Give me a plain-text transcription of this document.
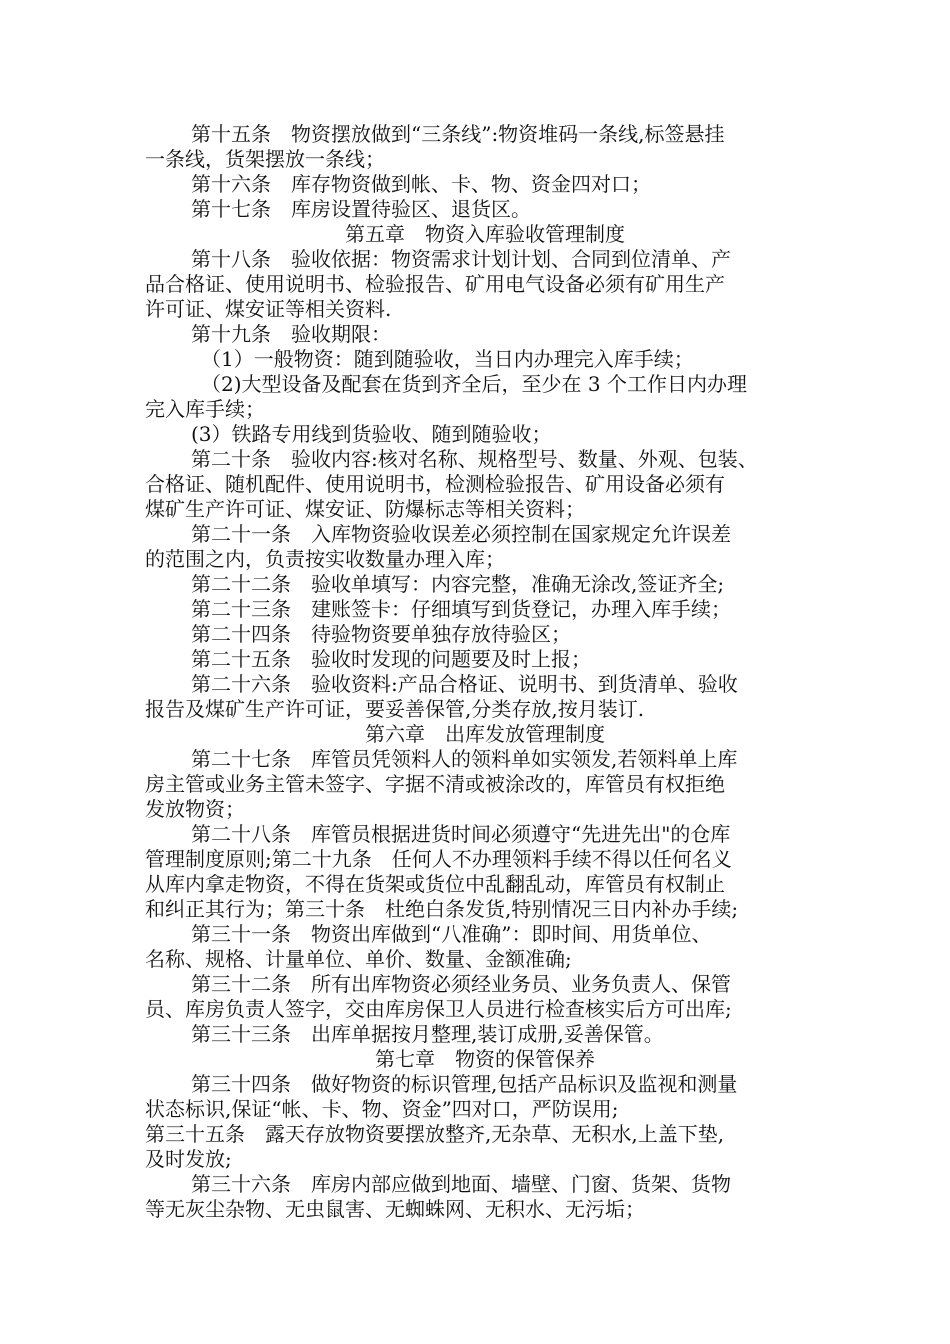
第十五条　物资摆放做到“三条线”:物资堆码一条线,标签悬挂
一条线，货架摆放一条线；
第十六条　库存物资做到帐、卡、物、资金四对口；
第十七条　库房设置待验区、退货区。
第五章　物资入库验收管理制度
第十八条　验收依据：物资需求计划计划、合同到位清单、产
品合格证、使用说明书、检验报告、矿用电气设备必须有矿用生产
许可证、煤安证等相关资料.
第十九条　验收期限：
（1）一般物资：随到随验收，当日内办理完入库手续；
（2)大型设备及配套在货到齐全后，至少在 3 个工作日内办理
完入库手续；
(3）铁路专用线到货验收、随到随验收；
第二十条　验收内容:核对名称、规格型号、数量、外观、包装、
合格证、随机配件、使用说明书，检测检验报告、矿用设备必须有
煤矿生产许可证、煤安证、防爆标志等相关资料；
第二十一条　入库物资验收误差必须控制在国家规定允许误差
的范围之内，负责按实收数量办理入库；
第二十二条　验收单填写：内容完整，准确无涂改,签证齐全;
第二十三条　建账签卡：仔细填写到货登记，办理入库手续；
第二十四条　待验物资要单独存放待验区；
第二十五条　验收时发现的问题要及时上报；
第二十六条　验收资料:产品合格证、说明书、到货清单、验收
报告及煤矿生产许可证，要妥善保管,分类存放,按月装订.
第六章　出库发放管理制度
第二十七条　库管员凭领料人的领料单如实领发,若领料单上库
房主管或业务主管未签字、字据不清或被涂改的，库管员有权拒绝
发放物资；
第二十八条　库管员根据进货时间必须遵守“先进先出"的仓库
管理制度原则;第二十九条　任何人不办理领料手续不得以任何名义
从库内拿走物资，不得在货架或货位中乱翻乱动，库管员有权制止
和纠正其行为；第三十条　杜绝白条发货,特别情况三日内补办手续;
第三十一条　物资出库做到“八准确”：即时间、用货单位、
名称、规格、计量单位、单价、数量、金额准确;
第三十二条　所有出库物资必须经业务员、业务负责人、保管
员、库房负责人签字，交由库房保卫人员进行检查核实后方可出库;
第三十三条　出库单据按月整理,装订成册,妥善保管。
第七章　物资的保管保养
第三十四条　做好物资的标识管理,包括产品标识及监视和测量
状态标识,保证“帐、卡、物、资金”四对口，严防误用;
第三十五条　露天存放物资要摆放整齐,无杂草、无积水,上盖下垫,
及时发放;
第三十六条　库房内部应做到地面、墙壁、门窗、货架、货物
等无灰尘杂物、无虫鼠害、无蜘蛛网、无积水、无污垢；
